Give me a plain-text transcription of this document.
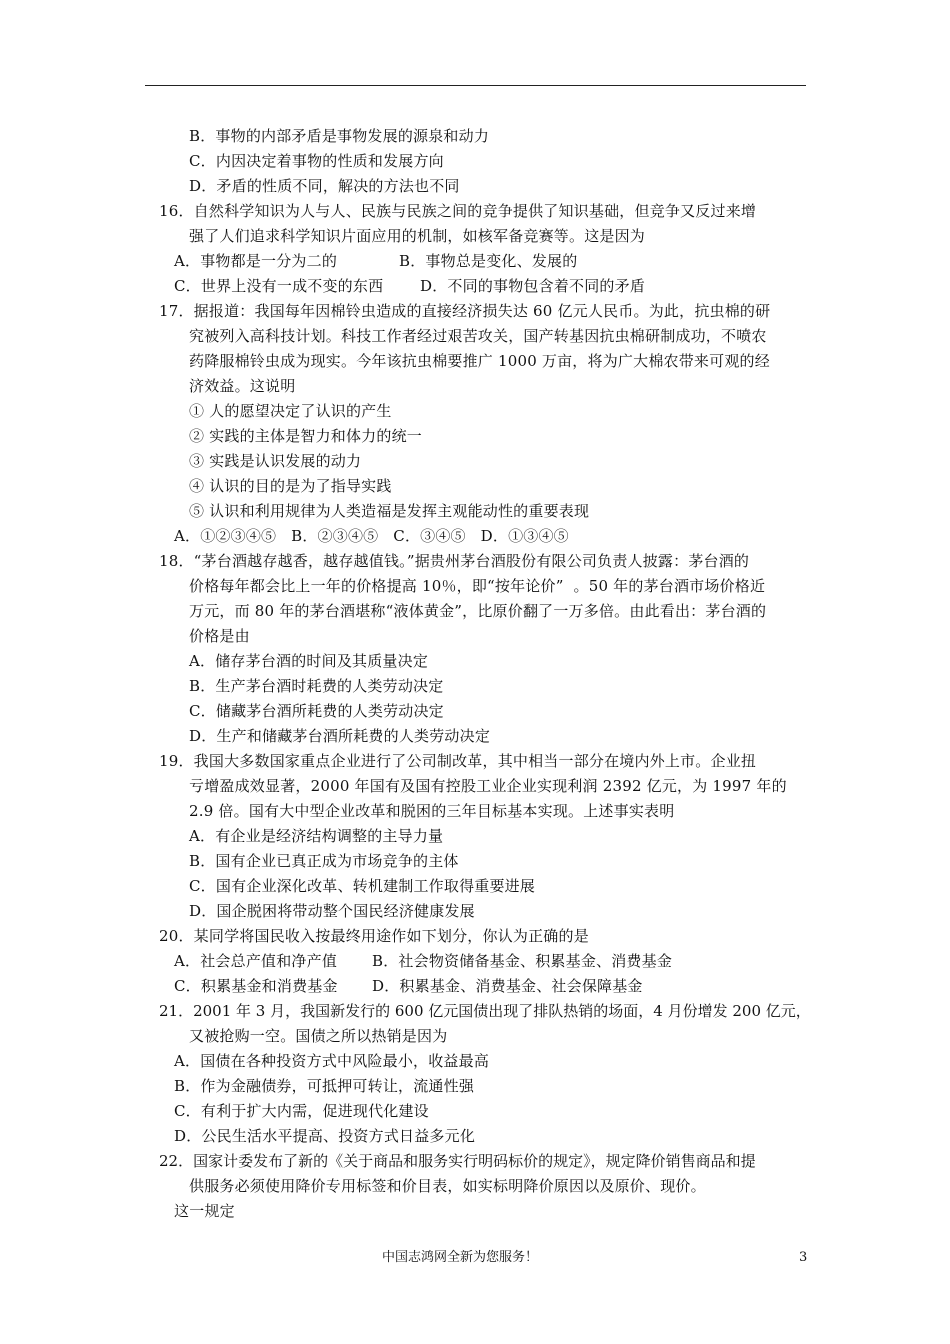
B．事物的内部矛盾是事物发展的源泉和动力
C．内因决定着事物的性质和发展方向
D．矛盾的性质不同，解决的方法也不同
16．自然科学知识为人与人、民族与民族之间的竞争提供了知识基础，但竞争又反过来增
强了人们追求科学知识片面应用的机制，如核军备竞赛等。这是因为
A．事物都是一分为二的	B．事物总是变化、发展的
C．世界上没有一成不变的东西 D．不同的事物包含着不同的矛盾
17．据报道：我国每年因棉铃虫造成的直接经济损失达 60 亿元人民币。为此，抗虫棉的研
究被列入高科技计划。科技工作者经过艰苦攻关，国产转基因抗虫棉研制成功，不喷农
药降服棉铃虫成为现实。今年该抗虫棉要推广 1000 万亩，将为广大棉农带来可观的经
济效益。这说明
① 人的愿望决定了认识的产生
② 实践的主体是智力和体力的统一
③ 实践是认识发展的动力
④ 认识的目的是为了指导实践
⑤ 认识和利用规律为人类造福是发挥主观能动性的重要表现
A．①②③④⑤   B．②③④⑤   C．③④⑤   D．①③④⑤
18．“茅台酒越存越香，越存越值钱。”据贵州茅台酒股份有限公司负责人披露：茅台酒的
价格每年都会比上一年的价格提高 10％，即“按年论价”  。50 年的茅台酒市场价格近
万元，而 80 年的茅台酒堪称“液体黄金”，比原价翻了一万多倍。由此看出：茅台酒的
价格是由
A．储存茅台酒的时间及其质量决定
B．生产茅台酒时耗费的人类劳动决定
C．储藏茅台酒所耗费的人类劳动决定
D．生产和储藏茅台酒所耗费的人类劳动决定
19．我国大多数国家重点企业进行了公司制改革，其中相当一部分在境内外上市。企业扭
亏增盈成效显著，2000 年国有及国有控股工业企业实现利润 2392 亿元，为 1997 年的
2.9 倍。国有大中型企业改革和脱困的三年目标基本实现。上述事实表明
A．有企业是经济结构调整的主导力量
B．国有企业已真正成为市场竞争的主体
C．国有企业深化改革、转机建制工作取得重要进展
D．国企脱困将带动整个国民经济健康发展
20．某同学将国民收入按最终用途作如下划分，你认为正确的是
A．社会总产值和净产值 B．社会物资储备基金、积累基金、消费基金
C．积累基金和消费基金 D．积累基金、消费基金、社会保障基金
21．2001 年 3 月，我国新发行的 600 亿元国债出现了排队热销的场面，4 月份增发 200 亿元，
又被抢购一空。国债之所以热销是因为
A．国债在各种投资方式中风险最小，收益最高
B．作为金融债券，可抵押可转让，流通性强
C．有利于扩大内需，促进现代化建设
D．公民生活水平提高、投资方式日益多元化
22．国家计委发布了新的《关于商品和服务实行明码标价的规定》，规定降价销售商品和提
供服务必须使用降价专用标签和价目表，如实标明降价原因以及原价、现价。
这一规定
中国志鸿网全新为您服务！	3
